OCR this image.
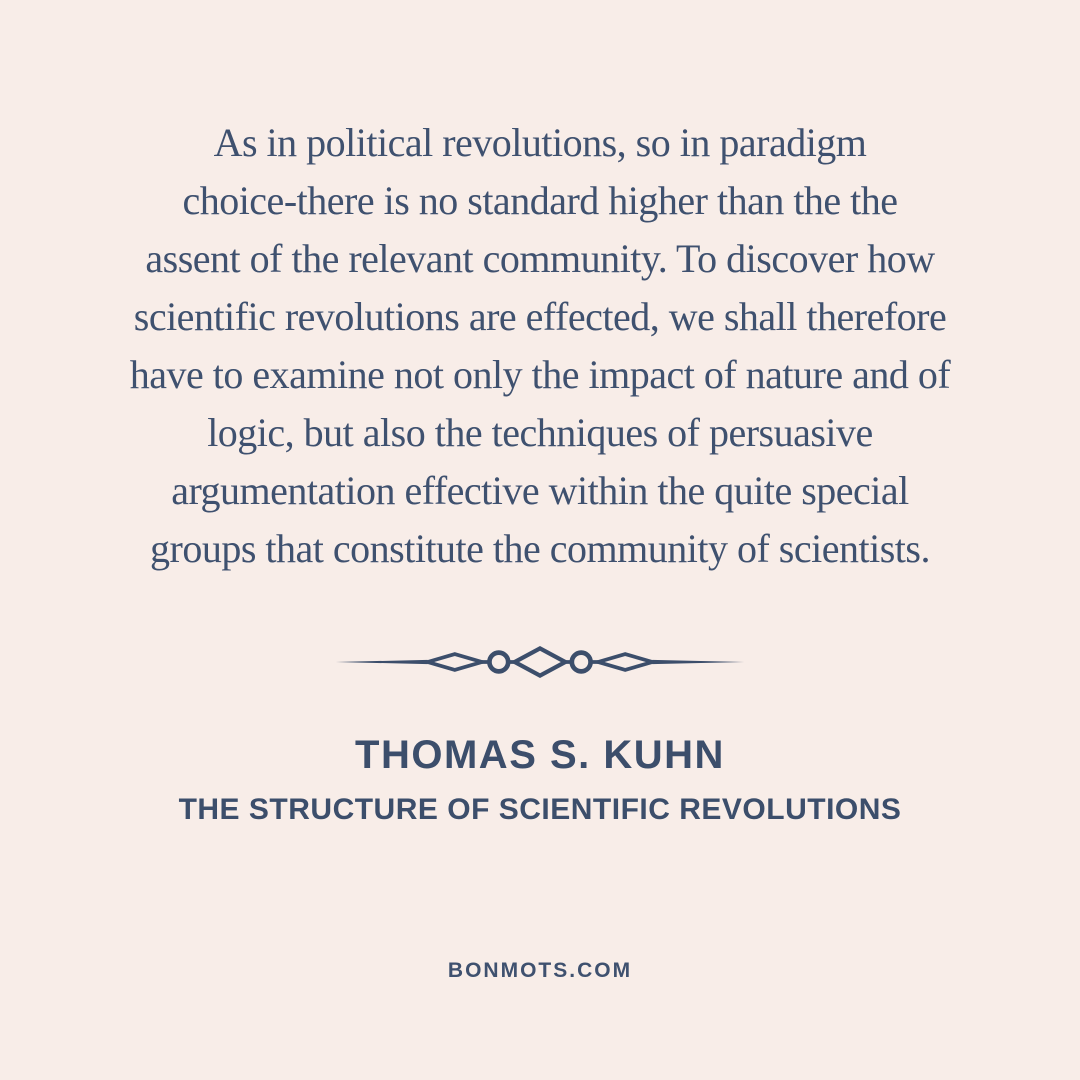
As in political revolutions, so in paradigm
choice-there is no standard higher than the the
assent of the relevant community. To discover how
scientific revolutions are effected, we shall therefore
have to examine not only the impact of nature and of
logic, but also the techniques of persuasive
argumentation effective within the quite special
groups that constitute the community of scientists.
THOMAS S. KUHN
THE STRUCTURE OF SCIENTIFIC REVOLUTIONS
BONMOTS.COM
